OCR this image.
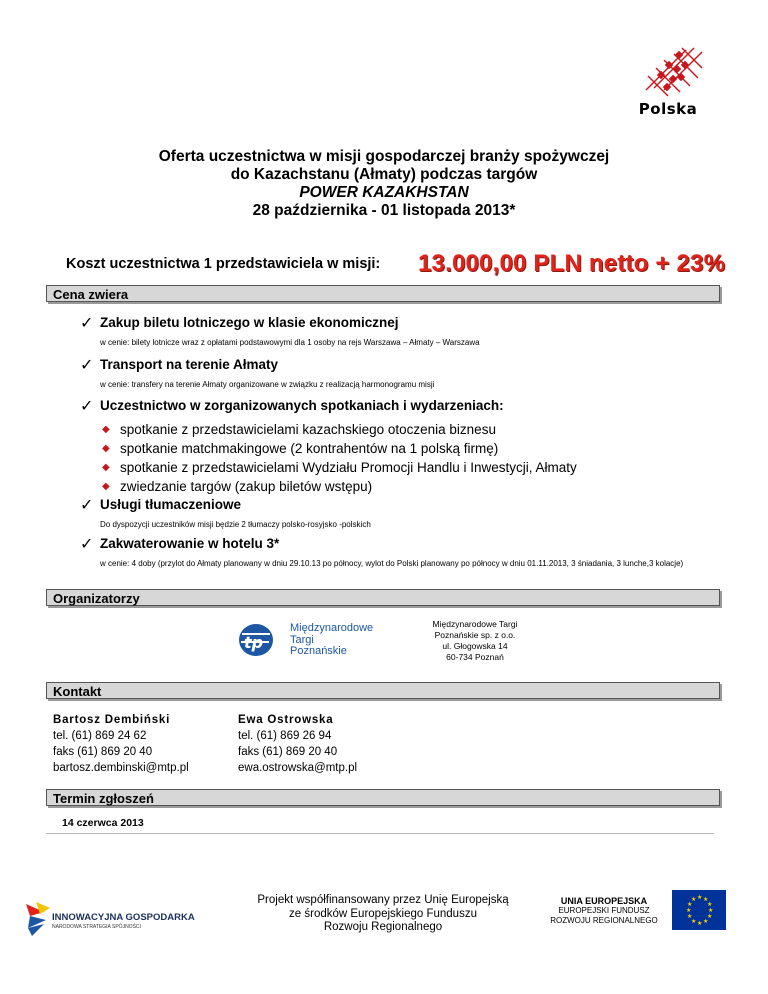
Polska
Oferta uczestnictwa w misji gospodarczej branży spożywczej
do Kazachstanu (Ałmaty) podczas targów
POWER KAZAKHSTAN
28 października - 01 listopada 2013*
Koszt uczestnictwa 1 przedstawiciela w misji: 13.000,00 PLN netto + 23%
Cena zwiera
✓ Zakup biletu lotniczego w klasie ekonomicznej
w cenie: bilety lotnicze wraz z opłatami podstawowymi dla 1 osoby na rejs Warszawa – Ałmaty – Warszawa
✓ Transport na terenie Ałmaty
w cenie: transfery na terenie Ałmaty organizowane w związku z realizacją harmonogramu misji
✓ Uczestnictwo w zorganizowanych spotkaniach i wydarzeniach:
◆ spotkanie z przedstawicielami kazachskiego otoczenia biznesu
◆ spotkanie matchmakingowe (2 kontrahentów na 1 polską firmę)
◆ spotkanie z przedstawicielami Wydziału Promocji Handlu i Inwestycji, Ałmaty
◆ zwiedzanie targów (zakup biletów wstępu)
✓ Usługi tłumaczeniowe
Do dyspozycji uczestników misji będzie 2 tłumaczy polsko-rosyjsko -polskich
✓ Zakwaterowanie w hotelu 3*
w cenie: 4 doby (przylot do Ałmaty planowany w dniu 29.10.13 po północy, wylot do Polski planowany po północy w dniu 01.11.2013, 3 śniadania, 3 lunche,3 kolacje)
Organizatorzy
tp
Międzynarodowe
Targi
Poznańskie
Międzynarodowe Targi
Poznańskie sp. z o.o.
ul. Głogowska 14
60-734 Poznań
Kontakt
Bartosz Dembiński
tel. (61) 869 24 62
faks (61) 869 20 40
bartosz.dembinski@mtp.pl
Ewa Ostrowska
tel. (61) 869 26 94
faks (61) 869 20 40
ewa.ostrowska@mtp.pl
Termin zgłoszeń
14 czerwca 2013
INNOWACYJNA GOSPODARKA
NARODOWA STRATEGIA SPÓJNOŚCI
Projekt współfinansowany przez Unię Europejską
ze środków Europejskiego Funduszu
Rozwoju Regionalnego
UNIA EUROPEJSKA
EUROPEJSKI FUNDUSZ
ROZWOJU REGIONALNEGO
★ ★
★
★
★
★
★
★
★
★
★
★
